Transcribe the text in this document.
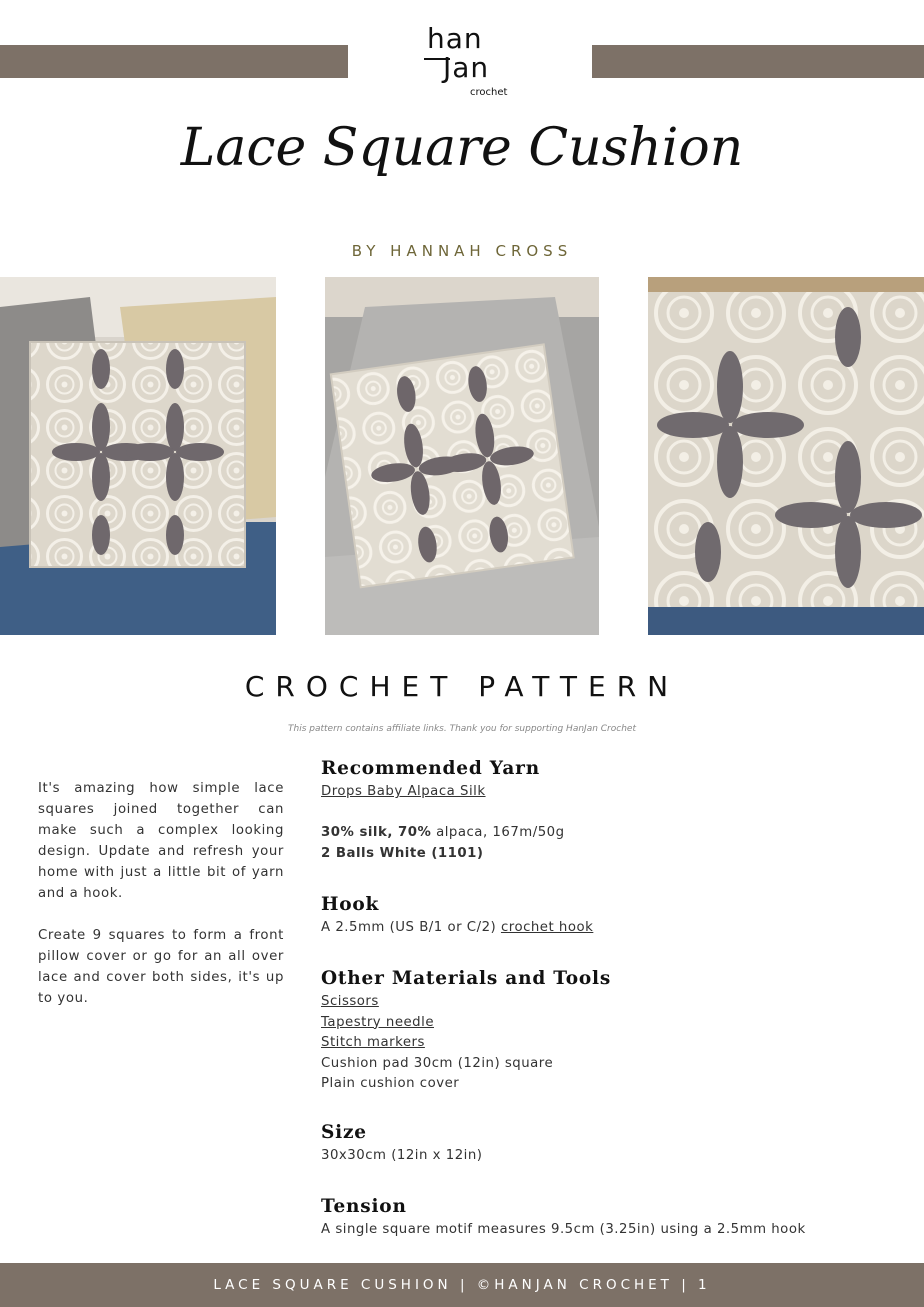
han
Jan
crochet
Lace Square Cushion
BY HANNAH CROSS
CROCHET PATTERN
This pattern contains affiliate links. Thank you for supporting HanJan Crochet

It's amazing how simple lace squares joined together can make such a complex looking design. Update and refresh your home with just a little bit of yarn and a hook.

Create 9 squares to form a front pillow cover or go for an all over lace and cover both sides, it's up to you.

Recommended Yarn
Drops Baby Alpaca Silk
30% silk, 70% alpaca, 167m/50g
2 Balls White (1101)
Hook
A 2.5mm (US B/1 or C/2) crochet hook
Other Materials and Tools
Scissors
Tapestry needle
Stitch markers
Cushion pad 30cm (12in) square
Plain cushion cover
Size
30x30cm (12in x 12in)
Tension
A single square motif measures 9.5cm (3.25in) using a 2.5mm hook
LACE SQUARE CUSHION | ©HANJAN CROCHET | 1
